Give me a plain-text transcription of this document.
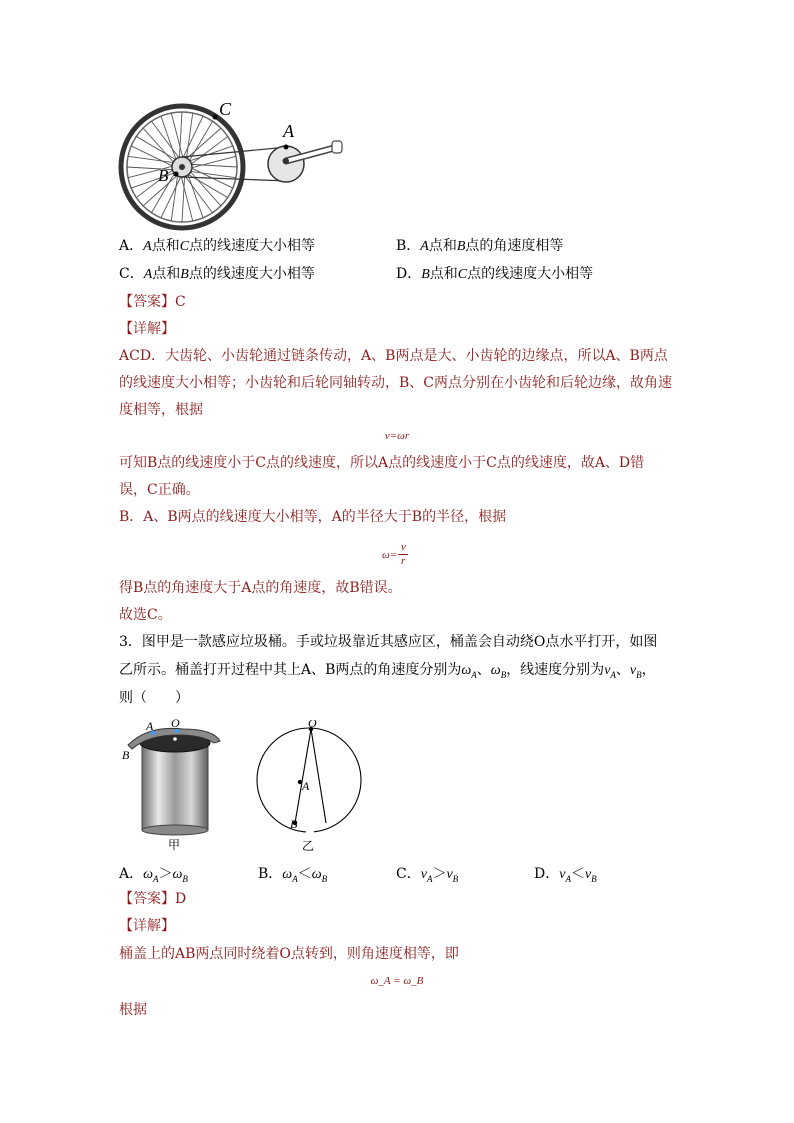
C
A
B
A．A点和C点的线速度大小相等	B．A点和B点的角速度相等
C．A点和B点的线速度大小相等	D．B点和C点的线速度大小相等
【答案】C
【详解】
ACD．大齿轮、小齿轮通过链条传动，A、B两点是大、小齿轮的边缘点，所以A、B两点
的线速度大小相等；小齿轮和后轮同轴转动，B、C两点分别在小齿轮和后轮边缘，故角速
度相等，根据
v=ωr
可知B点的线速度小于C点的线速度，所以A点的线速度小于C点的线速度，故A、D错
误，C正确。
B．A、B两点的线速度大小相等，A的半径大于B的半径，根据
ω=
v
r
得B点的角速度大于A点的角速度，故B错误。
故选C。
3．图甲是一款感应垃圾桶。手或垃圾靠近其感应区，桶盖会自动绕O点水平打开，如图
乙所示。桶盖打开过程中其上A、B两点的角速度分别为$\omega_A$、$\omega_B$，线速度分别为$v_A$、$v_B$，
则（　　）
A O
B
甲
O
A
B
乙
A．$\omega_A>\omega_B$	B．$\omega_A<\omega_B$	C．$v_A>v_B$	D．$v_A<v_B$
【答案】D
【详解】
桶盖上的AB两点同时绕着O点转到，则角速度相等，即
ω_A = ω_B
根据
